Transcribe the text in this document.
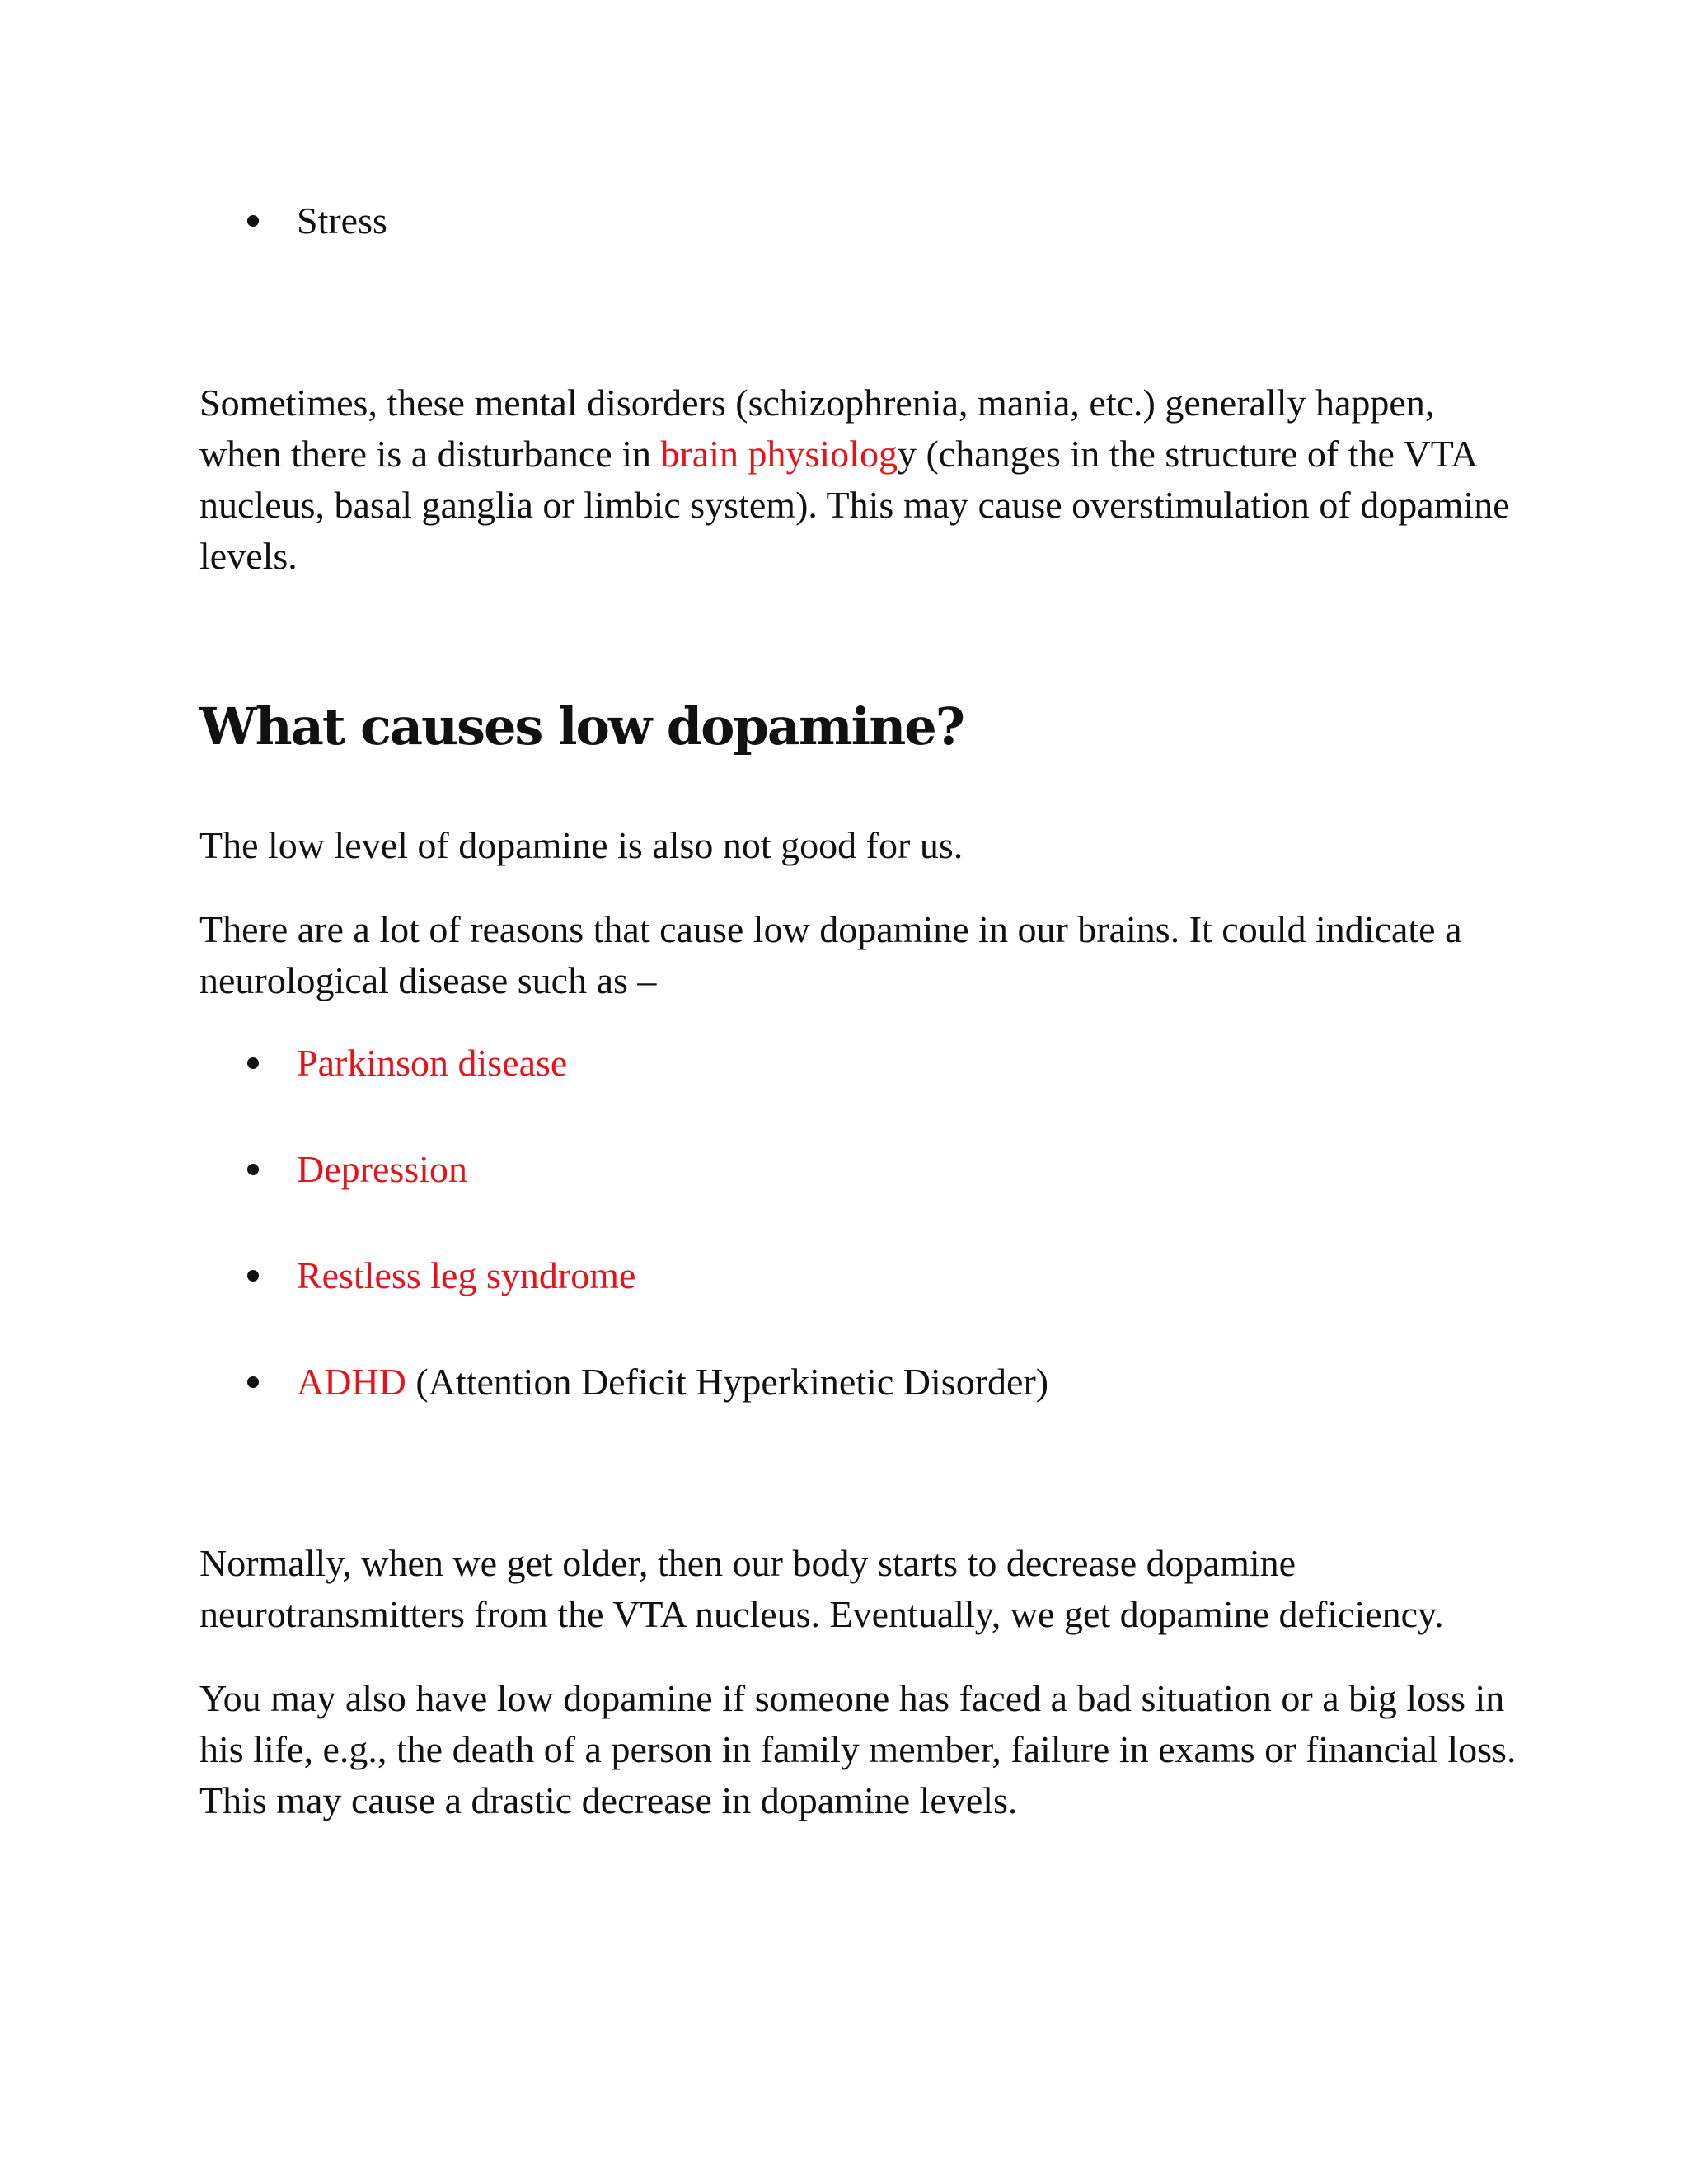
Stress

Sometimes, these mental disorders (schizophrenia, mania, etc.) generally happen, when there is a disturbance in brain physiology (changes in the structure of the VTA nucleus, basal ganglia or limbic system). This may cause overstimulation of dopamine levels.

What causes low dopamine?

The low level of dopamine is also not good for us.

There are a lot of reasons that cause low dopamine in our brains. It could indicate a neurological disease such as –

Parkinson disease
Depression
Restless leg syndrome
ADHD (Attention Deficit Hyperkinetic Disorder)

Normally, when we get older, then our body starts to decrease dopamine neurotransmitters from the VTA nucleus. Eventually, we get dopamine deficiency.

You may also have low dopamine if someone has faced a bad situation or a big loss in his life, e.g., the death of a person in family member, failure in exams or financial loss. This may cause a drastic decrease in dopamine levels.
